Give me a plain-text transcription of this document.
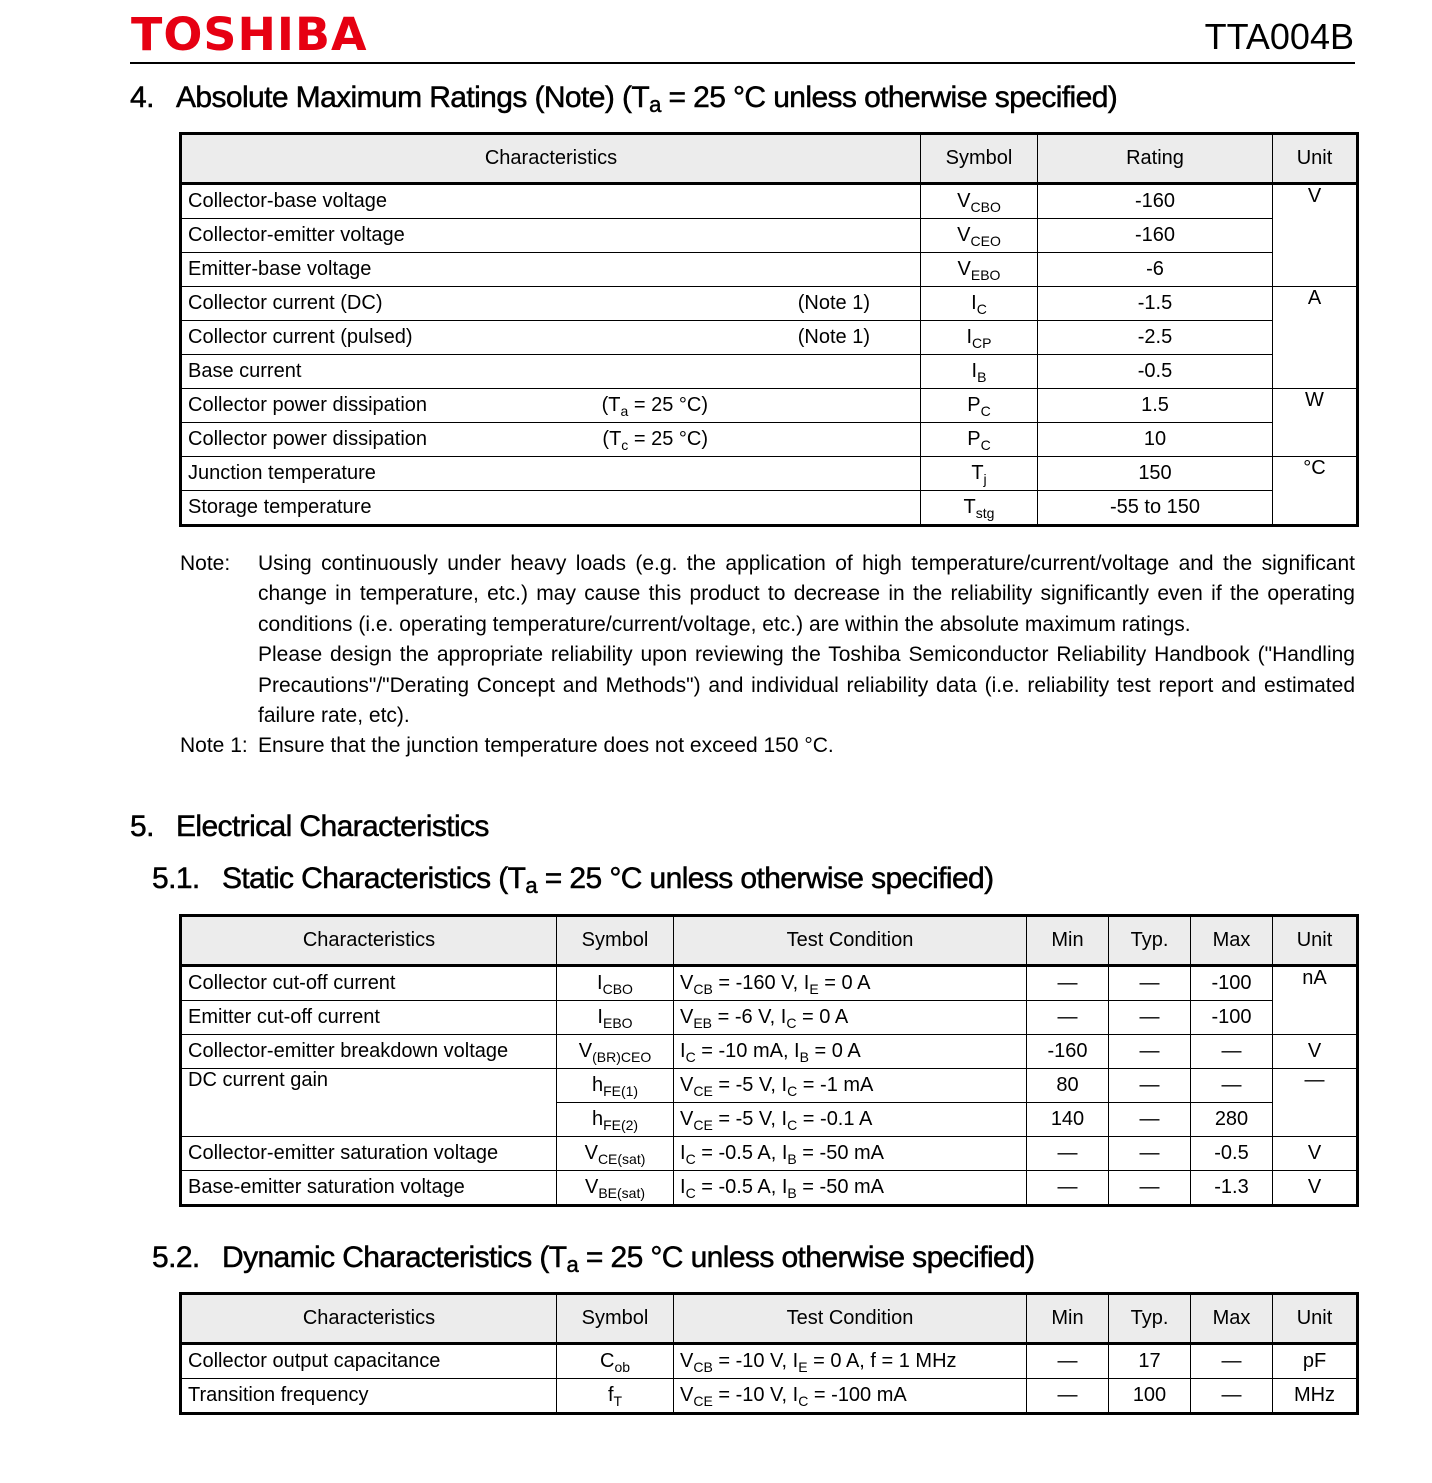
TOSHIBA	TTA004B
4. Absolute Maximum Ratings (Note) ($T_a = 25$ °C unless otherwise specified)
Characteristics	Symbol	Rating	Unit
Collector-base voltage	$V_{CBO}$	-160	V
Collector-emitter voltage	$V_{CEO}$	-160	
Emitter-base voltage	$V_{EBO}$	-6	

Collector current (DC) (Note 1)	$I_C$	-1.5	A

Collector current (pulsed) (Note 1)	$I_{CP}$	-2.5	
Base current	$I_B$	-0.5	

Collector power dissipation ($T_a = 25$ °C)	$P_C$	1.5	W

Collector power dissipation ($T_c = 25$ °C)	$P_C$	10	
Junction temperature	$T_j$	150	°C
Storage temperature	$T_{stg}$	-55 to 150	
Note:	Using continuously under heavy loads (e.g. the application of high temperature/current/voltage and the significant change in temperature, etc.) may cause this product to decrease in the reliability significantly even if the operating conditions (i.e. operating temperature/current/voltage, etc.) are within the absolute maximum ratings.

Please design the appropriate reliability upon reviewing the Toshiba Semiconductor Reliability Handbook ("Handling Precautions"/"Derating Concept and Methods") and individual reliability data (i.e. reliability test report and estimated failure rate, etc).

Note 1: Ensure that the junction temperature does not exceed 150 °C.
5. Electrical Characteristics
5.1. Static Characteristics ($T_a = 25$ °C unless otherwise specified)
Characteristics	Symbol	Test Condition	Min	Typ.	Max	Unit
Collector cut-off current	$I_{CBO}$	$V_{CB} = -160$ V, $I_E = 0$ A	—	—	-100	nA
Emitter cut-off current	$I_{EBO}$	$V_{EB} = -6$ V, $I_C = 0$ A	—	—	-100	
Collector-emitter breakdown voltage	$V_{(BR)CEO}$	$I_C = -10$ mA, $I_B = 0$ A	-160	—	—	V
DC current gain	$h_{FE(1)}$	$V_{CE} = -5$ V, $I_C = -1$ mA	80	—	—	—
	$h_{FE(2)}$	$V_{CE} = -5$ V, $I_C = -0.1$ A	140	—	280	
Collector-emitter saturation voltage	$V_{CE(sat)}$	$I_C = -0.5$ A, $I_B = -50$ mA	—	—	-0.5	V
Base-emitter saturation voltage	$V_{BE(sat)}$	$I_C = -0.5$ A, $I_B = -50$ mA	—	—	-1.3	V
5.2. Dynamic Characteristics ($T_a = 25$ °C unless otherwise specified)
Characteristics	Symbol	Test Condition	Min	Typ.	Max	Unit
Collector output capacitance	$C_{ob}$	$V_{CB} = -10$ V, $I_E = 0$ A, f = 1 MHz	—	17	—	pF
Transition frequency	$f_T$	$V_{CE} = -10$ V, $I_C = -100$ mA	—	100	—	MHz
